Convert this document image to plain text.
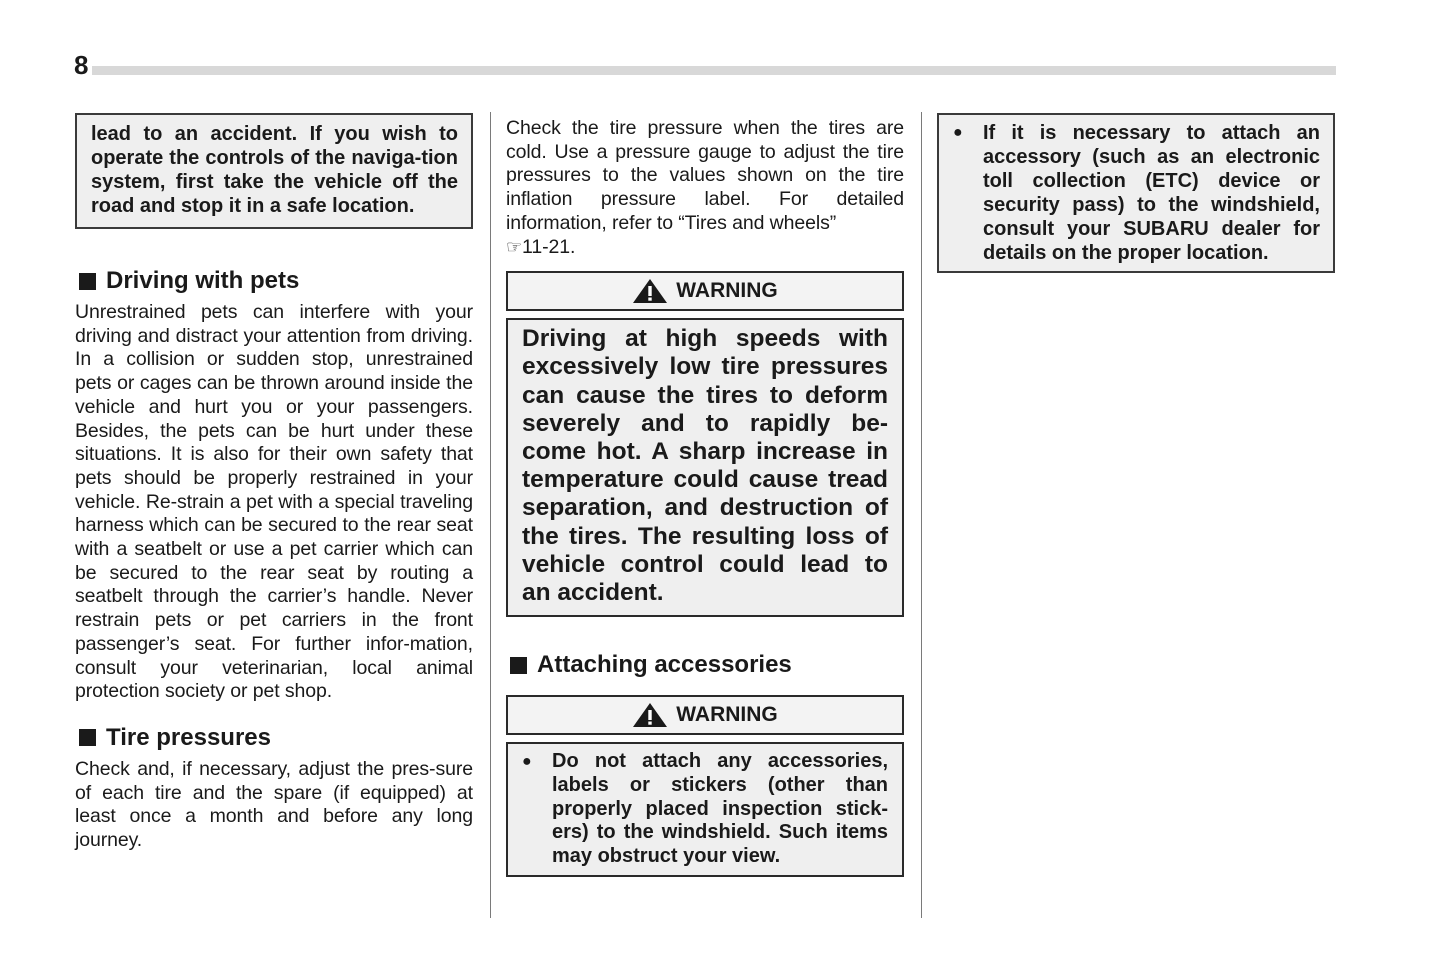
8
lead to an accident. If you wish to operate the controls of the naviga-tion system, first take the vehicle off the road and stop it in a safe location.
Driving with pets

Unrestrained pets can interfere with your driving and distract your attention from driving. In a collision or sudden stop, unrestrained pets or cages can be thrown around inside the vehicle and hurt you or your passengers. Besides, the pets can be hurt under these situations. It is also for their own safety that pets should be properly restrained in your vehicle. Re-strain a pet with a special traveling harness which can be secured to the rear seat with a seatbelt or use a pet carrier which can be secured to the rear seat by routing a seatbelt through the carrier’s handle. Never restrain pets or pet carriers in the front passenger’s seat. For further infor-mation, consult your veterinarian, local animal protection society or pet shop.

Tire pressures

Check and, if necessary, adjust the pres-sure of each tire and the spare (if equipped) at least once a month and before any long journey.

Check the tire pressure when the tires are cold. Use a pressure gauge to adjust the tire pressures to the values shown on the tire inflation pressure label. For detailed information, refer to “Tires and wheels”
☞11-21.

WARNING
Driving at high speeds with excessively low tire pressures can cause the tires to deform severely and to rapidly be-come hot. A sharp increase in temperature could cause tread separation, and destruction of the tires. The resulting loss of vehicle control could lead to an accident.
Attaching accessories
WARNING
●	Do not attach any accessories, labels or stickers (other than properly placed inspection stick-ers) to the windshield. Such items may obstruct your view.
●	If it is necessary to attach an accessory (such as an electronic toll collection (ETC) device or security pass) to the windshield, consult your SUBARU dealer for details on the proper location.
